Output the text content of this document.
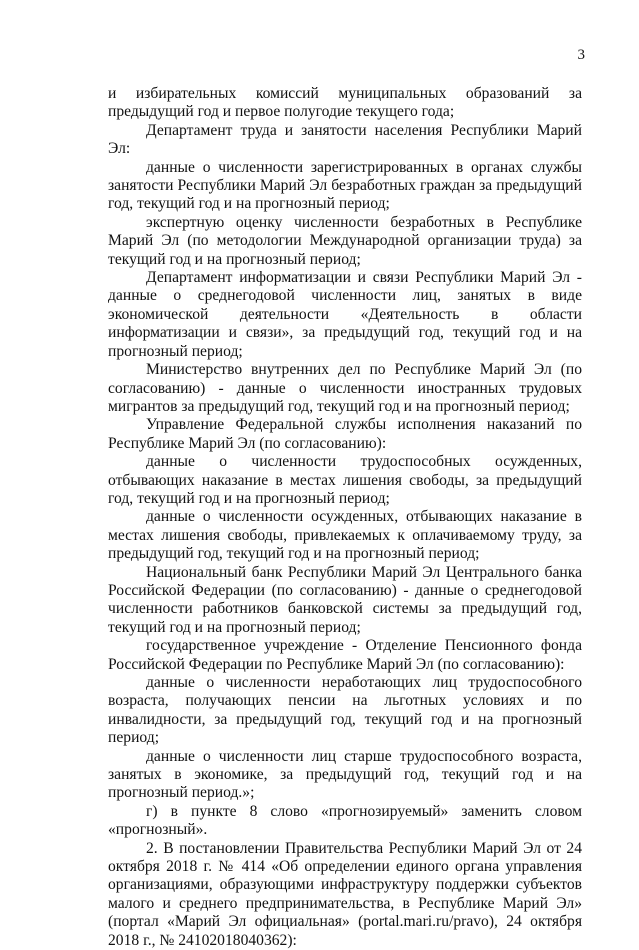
3

и избирательных комиссий муниципальных образований за предыдущий год и первое полугодие текущего года;

Департамент труда и занятости населения Республики Марий Эл:

данные о численности зарегистрированных в органах службы занятости Республики Марий Эл безработных граждан за предыдущий год, текущий год и на прогнозный период;

экспертную оценку численности безработных в Республике Марий Эл (по методологии Международной организации труда) за текущий год и на прогнозный период;

Департамент информатизации и связи Республики Марий Эл - данные о среднегодовой численности лиц, занятых в виде экономической деятельности «Деятельность в области информатизации и связи», за предыдущий год, текущий год и на прогнозный период;

Министерство внутренних дел по Республике Марий Эл (по согласованию) - данные о численности иностранных трудовых мигрантов за предыдущий год, текущий год и на прогнозный период;

Управление Федеральной службы исполнения наказаний по Республике Марий Эл (по согласованию):

данные о численности трудоспособных осужденных, отбывающих наказание в местах лишения свободы, за предыдущий год, текущий год и на прогнозный период;

данные о численности осужденных, отбывающих наказание в местах лишения свободы, привлекаемых к оплачиваемому труду, за предыдущий год, текущий год и на прогнозный период;

Национальный банк Республики Марий Эл Центрального банка Российской Федерации (по согласованию) - данные о среднегодовой численности работников банковской системы за предыдущий год, текущий год и на прогнозный период;

государственное учреждение - Отделение Пенсионного фонда Российской Федерации по Республике Марий Эл (по согласованию):

данные о численности неработающих лиц трудоспособного возраста, получающих пенсии на льготных условиях и по инвалидности, за предыдущий год, текущий год и на прогнозный период;

данные о численности лиц старше трудоспособного возраста, занятых в экономике, за предыдущий год, текущий год и на прогнозный период.»;

г) в пункте 8 слово «прогнозируемый» заменить словом «прогнозный».

2. В постановлении Правительства Республики Марий Эл от 24 октября 2018 г. № 414 «Об определении единого органа управления организациями, образующими инфраструктуру поддержки субъектов малого и среднего предпринимательства, в Республике Марий Эл» (портал «Марий Эл официальная» (portal.mari.ru/pravo), 24 октября 2018 г., № 24102018040362):
